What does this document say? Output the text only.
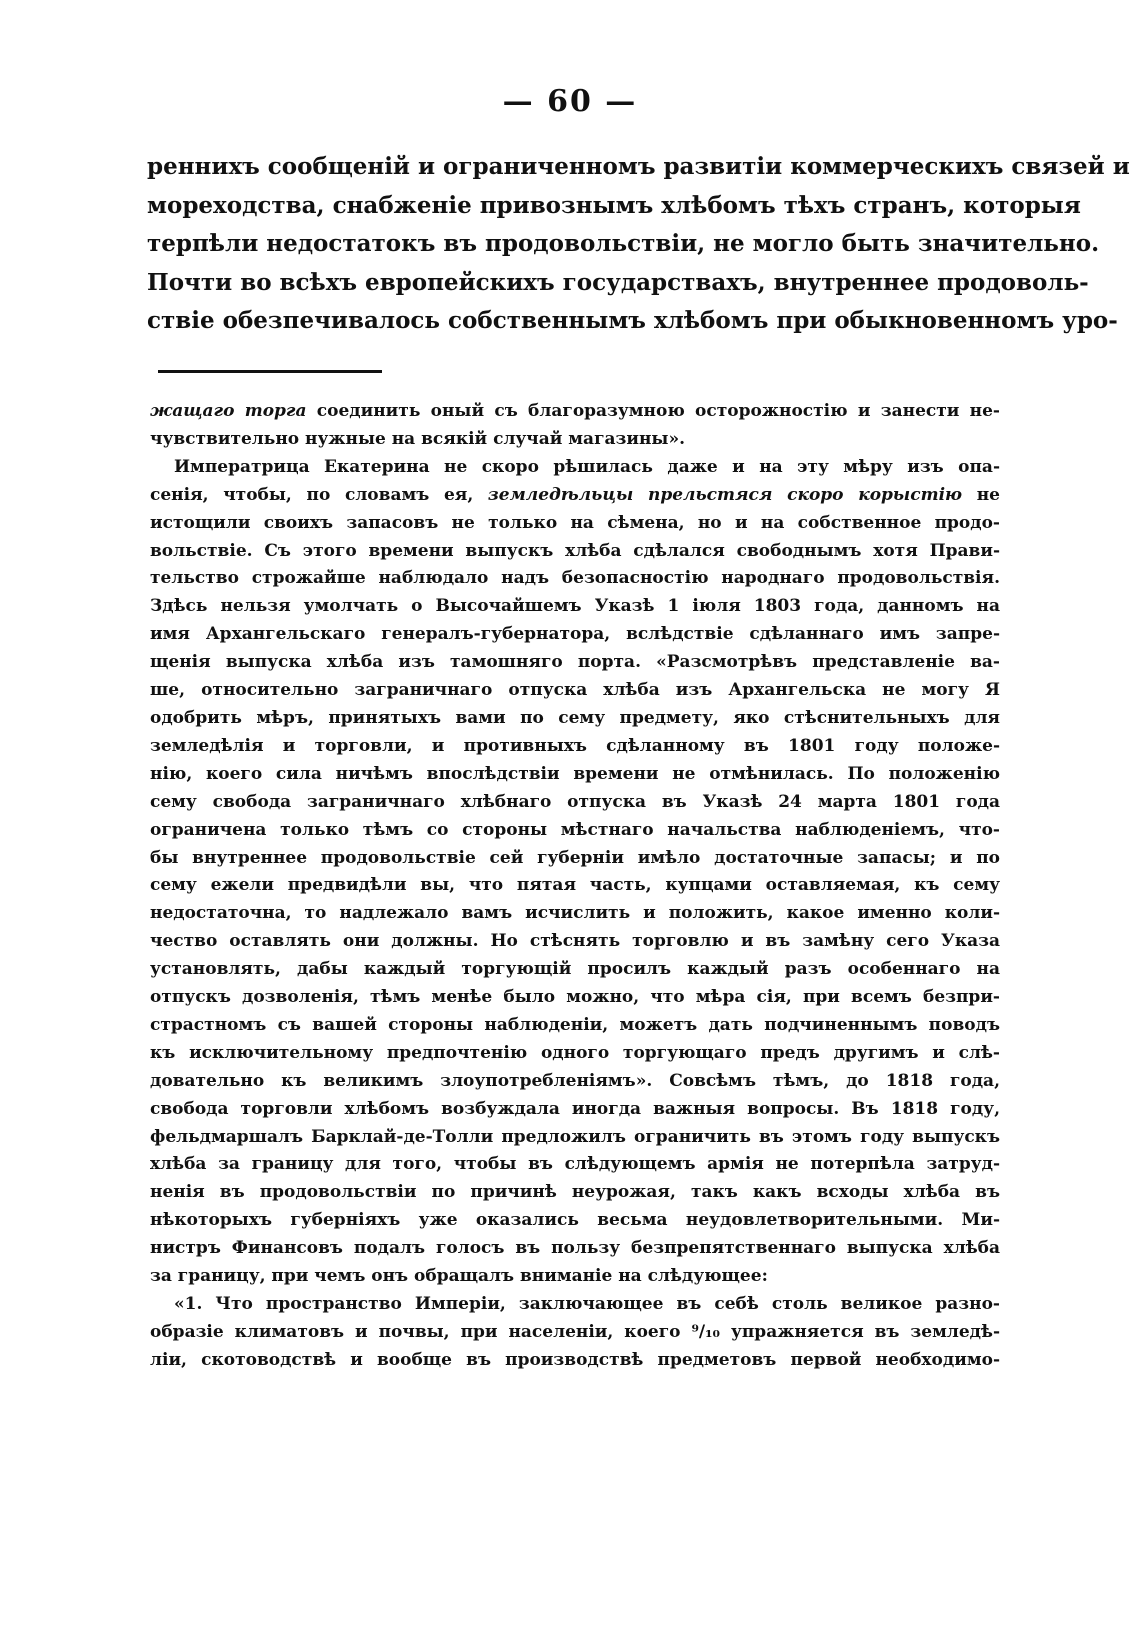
— 60 —
реннихъ сообщеній и ограниченномъ развитіи коммерческихъ связей и
мореходства, снабженіе привознымъ хлѣбомъ тѣхъ странъ, которыя
терпѣли недостатокъ въ продовольствіи, не могло быть значительно.
Почти во всѣхъ европейскихъ государствахъ, внутреннее продоволь-
ствіе обезпечивалось собственнымъ хлѣбомъ при обыкновенномъ уро-
жащаго торга соединить оный съ благоразумною осторожностію и занести не-
чувствительно нужные на всякій случай магазины».
Императрица Екатерина не скоро рѣшилась даже и на эту мѣру изъ опа-
сенія, чтобы, по словамъ ея, земледѣльцы прельстяся скоро корыстію не
истощили своихъ запасовъ не только на сѣмена, но и на собственное продо-
вольствіе. Съ этого времени выпускъ хлѣба сдѣлался свободнымъ хотя Прави-
тельство строжайше наблюдало надъ безопасностію народнаго продовольствія.
Здѣсь нельзя умолчать о Высочайшемъ Указѣ 1 іюля 1803 года, данномъ на
имя Архангельскаго генералъ-губернатора, вслѣдствіе сдѣланнаго имъ запре-
щенія выпуска хлѣба изъ тамошняго порта. «Разсмотрѣвъ представленіе ва-
ше, относительно заграничнаго отпуска хлѣба изъ Архангельска не могу Я
одобрить мѣръ, принятыхъ вами по сему предмету, яко стѣснительныхъ для
земледѣлія и торговли, и противныхъ сдѣланному въ 1801 году положе-
нію, коего сила ничѣмъ впослѣдствіи времени не отмѣнилась. По положенію
сему свобода заграничнаго хлѣбнаго отпуска въ Указѣ 24 марта 1801 года
ограничена только тѣмъ со стороны мѣстнаго начальства наблюденіемъ, что-
бы внутреннее продовольствіе сей губерніи имѣло достаточные запасы; и по
сему ежели предвидѣли вы, что пятая часть, купцами оставляемая, къ сему
недостаточна, то надлежало вамъ исчислить и положить, какое именно коли-
чество оставлять они должны. Но стѣснять торговлю и въ замѣну сего Указа
установлять, дабы каждый торгующій просилъ каждый разъ особеннаго на
отпускъ дозволенія, тѣмъ менѣе было можно, что мѣра сія, при всемъ безпри-
страстномъ съ вашей стороны наблюденіи, можетъ дать подчиненнымъ поводъ
къ исключительному предпочтенію одного торгующаго предъ другимъ и слѣ-
довательно къ великимъ злоупотребленіямъ». Совсѣмъ тѣмъ, до 1818 года,
свобода торговли хлѣбомъ возбуждала иногда важныя вопросы. Въ 1818 году,
фельдмаршалъ Барклай-де-Толли предложилъ ограничить въ этомъ году выпускъ
хлѣба за границу для того, чтобы въ слѣдующемъ армія не потерпѣла затруд-
ненія въ продовольствіи по причинѣ неурожая, такъ какъ всходы хлѣба въ
нѣкоторыхъ губерніяхъ уже оказались весьма неудовлетворительными. Ми-
нистръ Финансовъ подалъ голосъ въ пользу безпрепятственнаго выпуска хлѣба
за границу, при чемъ онъ обращалъ вниманіе на слѣдующее:
«1. Что пространство Имперіи, заключающее въ себѣ столь великое разно-
образіе климатовъ и почвы, при населеніи, коего ⁹/₁₀ упражняется въ земледѣ-
ліи, скотоводствѣ и вообще въ производствѣ предметовъ первой необходимо-
